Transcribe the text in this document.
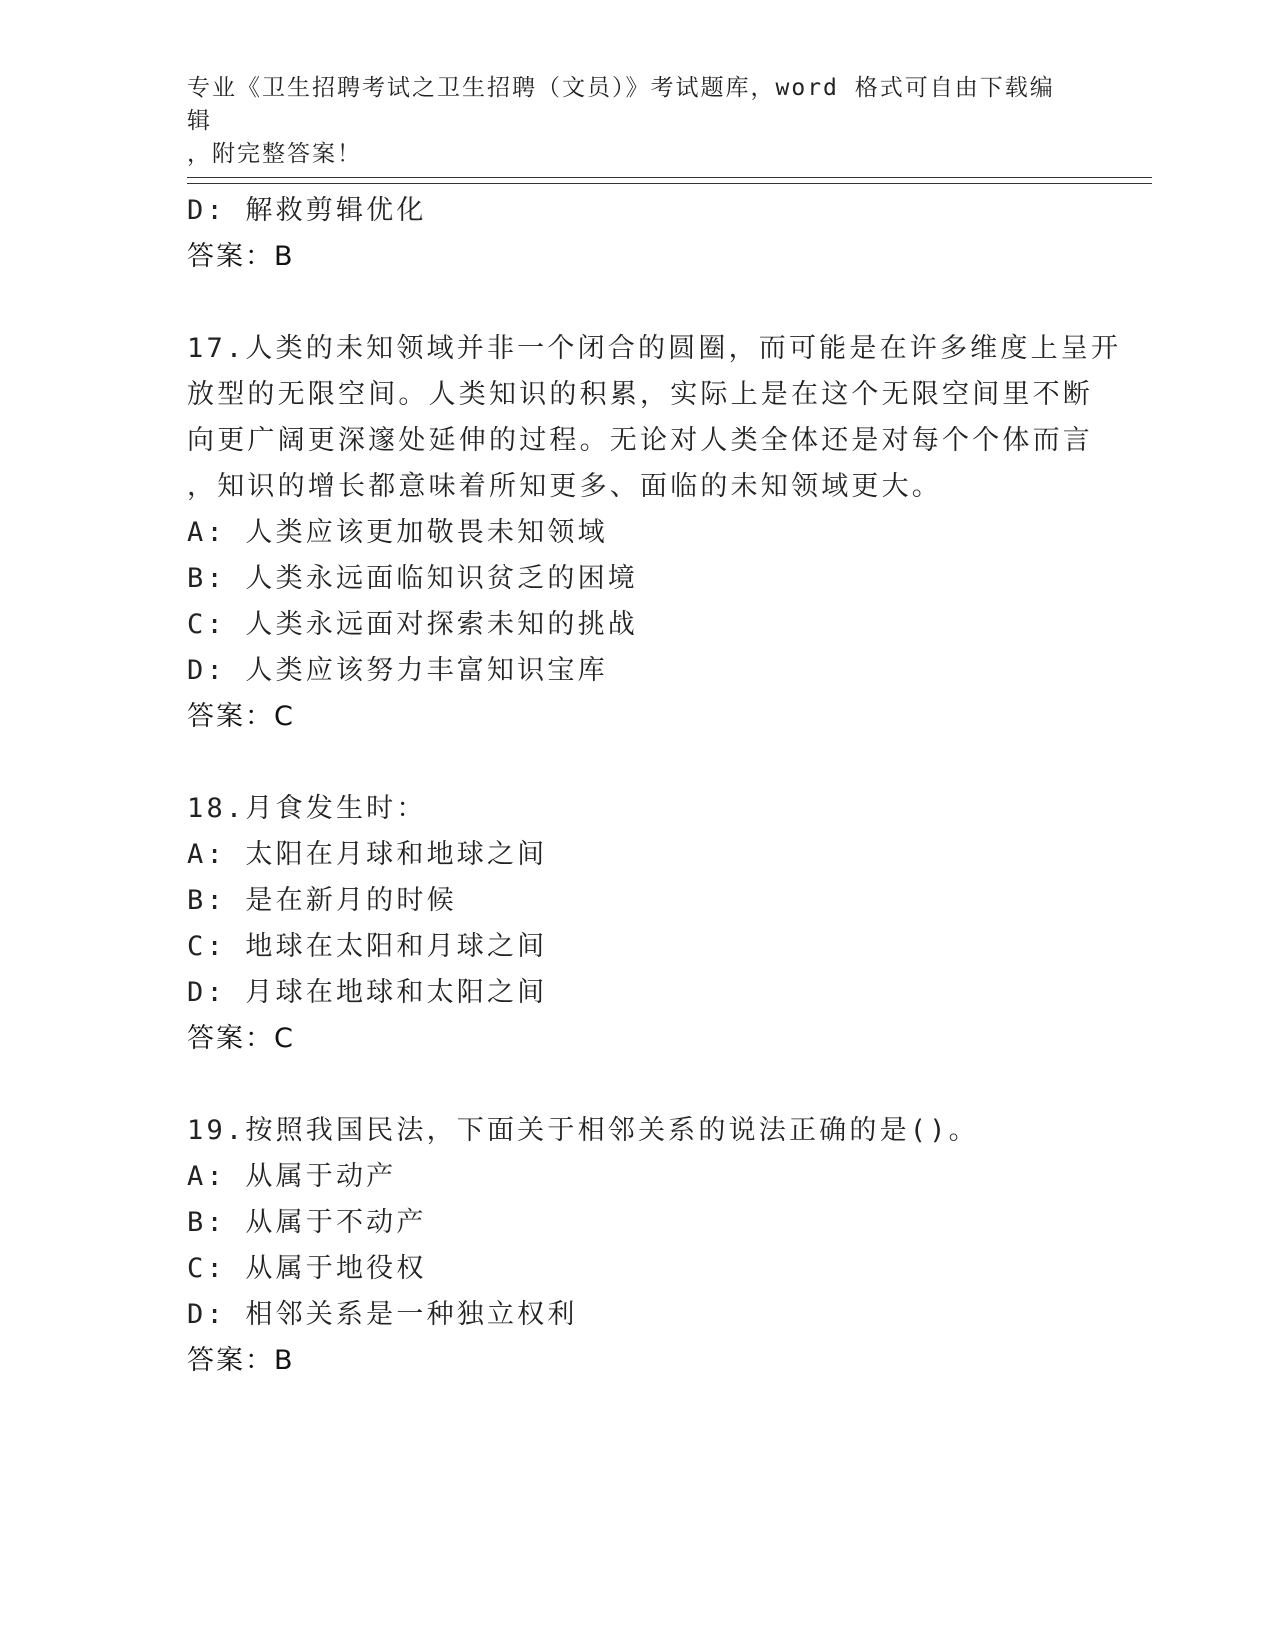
专业《卫生招聘考试之卫生招聘（文员）》考试题库，word 格式可自由下载编辑
，附完整答案！
D: 解救剪辑优化
答案：B
17.人类的未知领域并非一个闭合的圆圈，而可能是在许多维度上呈开
放型的无限空间。人类知识的积累，实际上是在这个无限空间里不断
向更广阔更深邃处延伸的过程。无论对人类全体还是对每个个体而言
，知识的增长都意味着所知更多、面临的未知领域更大。
A: 人类应该更加敬畏未知领域
B: 人类永远面临知识贫乏的困境
C: 人类永远面对探索未知的挑战
D: 人类应该努力丰富知识宝库
答案：C
18.月食发生时：
A: 太阳在月球和地球之间
B: 是在新月的时候
C: 地球在太阳和月球之间
D: 月球在地球和太阳之间
答案：C
19.按照我国民法，下面关于相邻关系的说法正确的是()。
A: 从属于动产
B: 从属于不动产
C: 从属于地役权
D: 相邻关系是一种独立权利
答案：B
